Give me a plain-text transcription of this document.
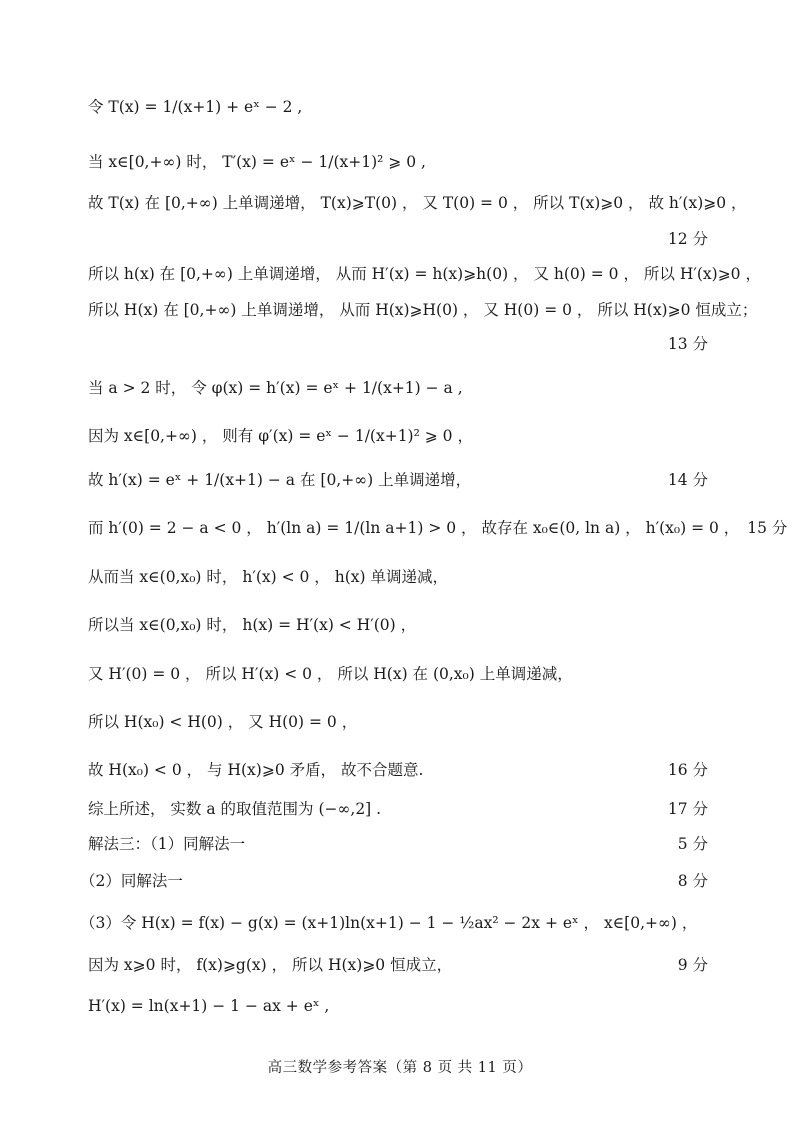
令 T(x) = 1/(x+1) + eˣ − 2 ,
当 x∈[0,+∞) 时， T′(x) = eˣ − 1/(x+1)² ⩾ 0 ,
故 T(x) 在 [0,+∞) 上单调递增， T(x)⩾T(0) ， 又 T(0) = 0 ， 所以 T(x)⩾0 ， 故 h′(x)⩾0 ，
12 分
所以 h(x) 在 [0,+∞) 上单调递增， 从而 H′(x) = h(x)⩾h(0) ， 又 h(0) = 0 ， 所以 H′(x)⩾0 ，
所以 H(x) 在 [0,+∞) 上单调递增， 从而 H(x)⩾H(0) ， 又 H(0) = 0 ， 所以 H(x)⩾0 恒成立；
13 分
当 a > 2 时， 令 φ(x) = h′(x) = eˣ + 1/(x+1) − a ,
因为 x∈[0,+∞) ， 则有 φ′(x) = eˣ − 1/(x+1)² ⩾ 0 ，
故 h′(x) = eˣ + 1/(x+1) − a 在 [0,+∞) 上单调递增，	14 分
而 h′(0) = 2 − a < 0 ， h′(ln a) = 1/(ln a+1) > 0 ， 故存在 x₀∈(0, ln a) ， h′(x₀) = 0 ， 15 分
从而当 x∈(0,x₀) 时， h′(x) < 0 ， h(x) 单调递减，
所以当 x∈(0,x₀) 时， h(x) = H′(x) < H′(0) ，
又 H′(0) = 0 ， 所以 H′(x) < 0 ， 所以 H(x) 在 (0,x₀) 上单调递减，
所以 H(x₀) < H(0) ， 又 H(0) = 0 ，
故 H(x₀) < 0 ， 与 H(x)⩾0 矛盾， 故不合题意.	16 分
综上所述， 实数 a 的取值范围为 (−∞,2] .	17 分
解法三：（1）同解法一	5 分
（2）同解法一	8 分
（3）令 H(x) = f(x) − g(x) = (x+1)ln(x+1) − 1 − ½ax² − 2x + eˣ ， x∈[0,+∞) ，
因为 x⩾0 时， f(x)⩾g(x) ， 所以 H(x)⩾0 恒成立，	9 分
H′(x) = ln(x+1) − 1 − ax + eˣ ,
高三数学参考答案（第 8 页 共 11 页）
